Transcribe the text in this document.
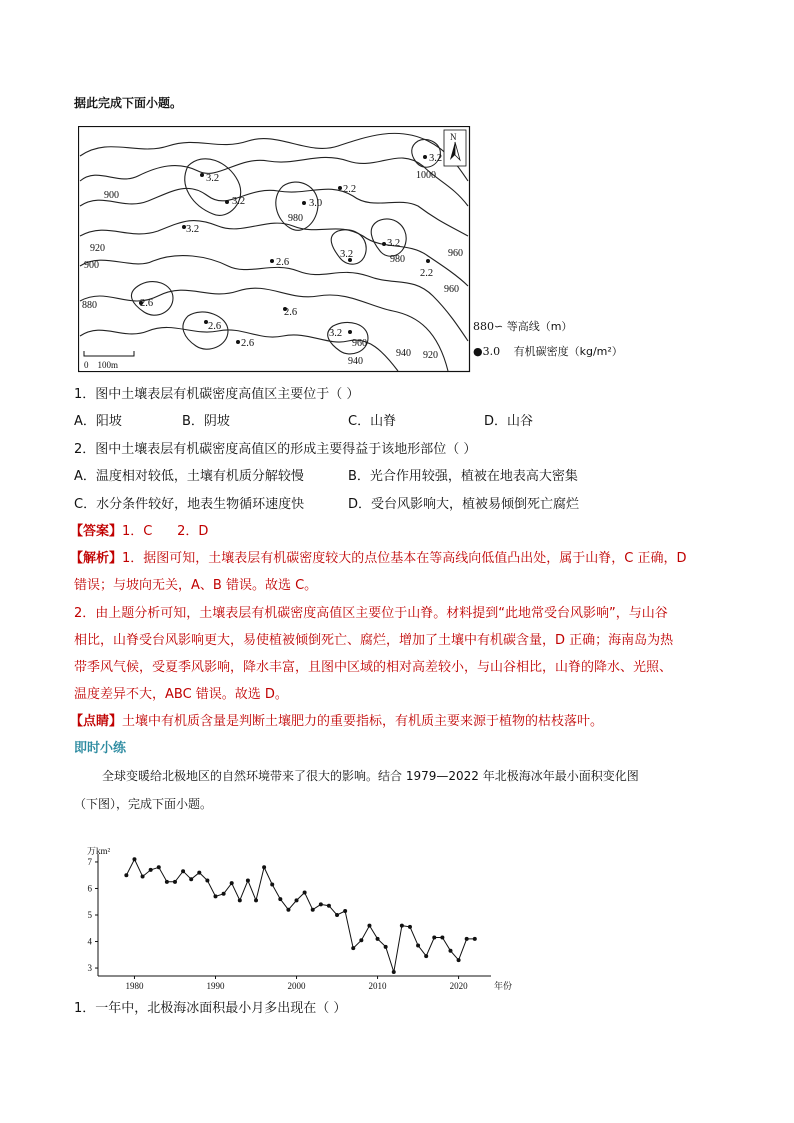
据此完成下面小题。
900
920
900
880
1000
980
980
960
960
940
940 920
960
3.2
3.2
3.2	3.0
3.2
2.2
3.2
3.2
2.6
2.6
2.2
2.6
2.6
2.6
3.2
N
0    100m
880∽ 等高线（m）
●3.0 有机碳密度（kg/m²）
1．图中土壤表层有机碳密度高值区主要位于（ ）
A．阳坡	B．阴坡	C．山脊	D．山谷
2．图中土壤表层有机碳密度高值区的形成主要得益于该地形部位（ ）
A．温度相对较低，土壤有机质分解较慢	B．光合作用较强，植被在地表高大密集
C．水分条件较好，地表生物循环速度快	D．受台风影响大，植被易倾倒死亡腐烂
【答案】1．C      2．D
【解析】1．据图可知，土壤表层有机碳密度较大的点位基本在等高线向低值凸出处，属于山脊，C 正确，D
错误；与坡向无关，A、B 错误。故选 C。
2．由上题分析可知，土壤表层有机碳密度高值区主要位于山脊。材料提到“此地常受台风影响”，与山谷
相比，山脊受台风影响更大，易使植被倾倒死亡、腐烂，增加了土壤中有机碳含量，D 正确；海南岛为热
带季风气候，受夏季风影响，降水丰富，且图中区域的相对高差较小，与山谷相比，山脊的降水、光照、
温度差异不大，ABC 错误。故选 D。
【点睛】土壤中有机质含量是判断土壤肥力的重要指标，有机质主要来源于植物的枯枝落叶。
即时小练
全球变暖给北极地区的自然环境带来了很大的影响。结合 1979—2022 年北极海冰年最小面积变化图
（下图），完成下面小题。
万km²
年份
3
4
5
6
7
1980	1990	2000	2010	2020
1．一年中，北极海冰面积最小月多出现在（ ）
